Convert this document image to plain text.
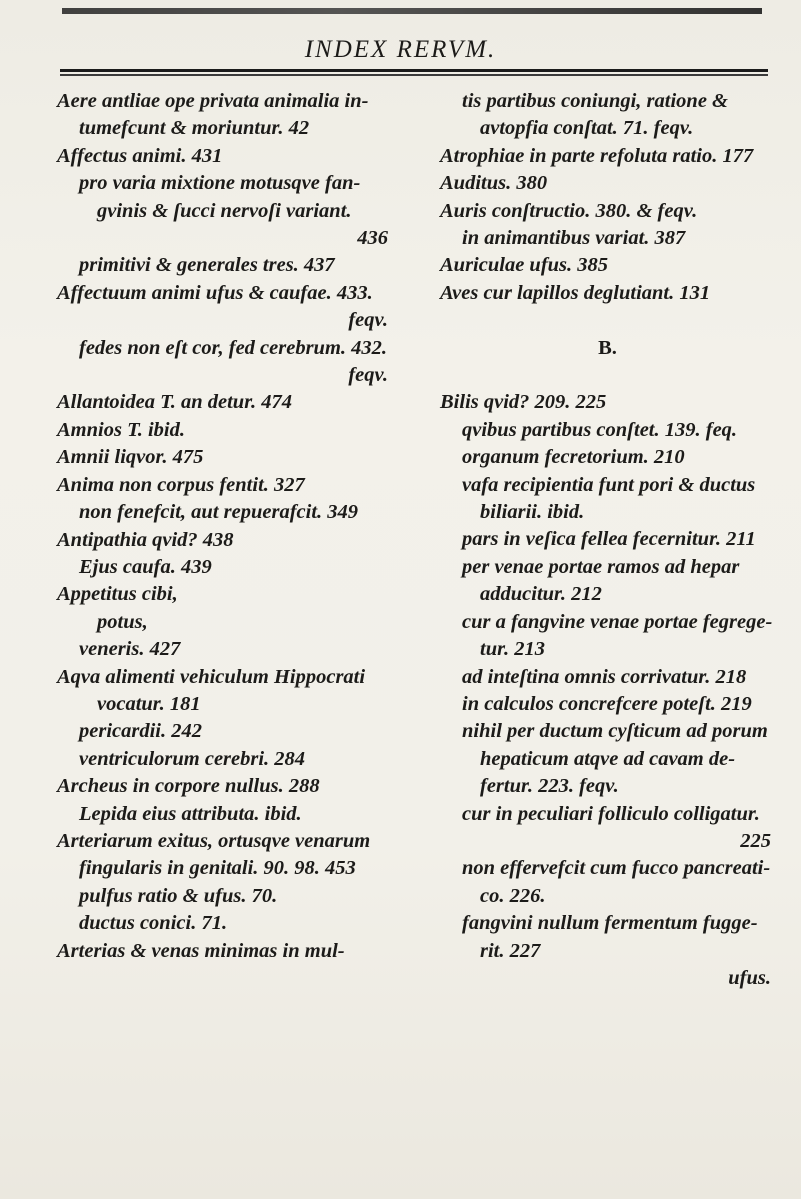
INDEX RERVM.
Aere antliae ope privata animalia in-
tumefcunt & moriuntur. 42
Affectus animi. 431
pro varia mixtione motusqve fan-
gvinis & ſucci nervoſi variant.
436
primitivi & generales tres. 437
Affectuum animi ufus & caufae. 433.
feqv.
fedes non eſt cor, fed cerebrum. 432.
feqv.
Allantoidea T. an detur. 474
Amnios T. ibid.
Amnii liqvor. 475
Anima non corpus fentit. 327
non fenefcit, aut repuerafcit. 349
Antipathia qvid? 438
Ejus caufa. 439
Appetitus cibi,
potus,
veneris. 427
Aqva alimenti vehiculum Hippocrati
vocatur. 181
pericardii. 242
ventriculorum cerebri. 284
Archeus in corpore nullus. 288
Lepida eius attributa. ibid.
Arteriarum exitus, ortusqve venarum
fingularis in genitali. 90. 98. 453
pulfus ratio & ufus. 70.
ductus conici. 71.
Arterias & venas minimas in mul-
tis partibus coniungi, ratione &
avtopfia conſtat. 71. feqv.
Atrophiae in parte refoluta ratio. 177
Auditus. 380
Auris conſtructio. 380. & feqv.
in animantibus variat. 387
Auriculae ufus. 385
Aves cur lapillos deglutiant. 131
B.
Bilis qvid? 209. 225
qvibus partibus conſtet. 139. feq.
organum fecretorium. 210
vafa recipientia funt pori & ductus
biliarii. ibid.
pars in veſica fellea fecernitur. 211
per venae portae ramos ad hepar
adducitur. 212
cur a fangvine venae portae fegrege-
tur. 213
ad inteſtina omnis corrivatur. 218
in calculos concrefcere poteſt. 219
nihil per ductum cyſticum ad porum
hepaticum atqve ad cavam de-
fertur. 223. feqv.
cur in peculiari folliculo colligatur.
225
non effervefcit cum fucco pancreati-
co. 226.
fangvini nullum fermentum fugge-
rit. 227
ufus.
